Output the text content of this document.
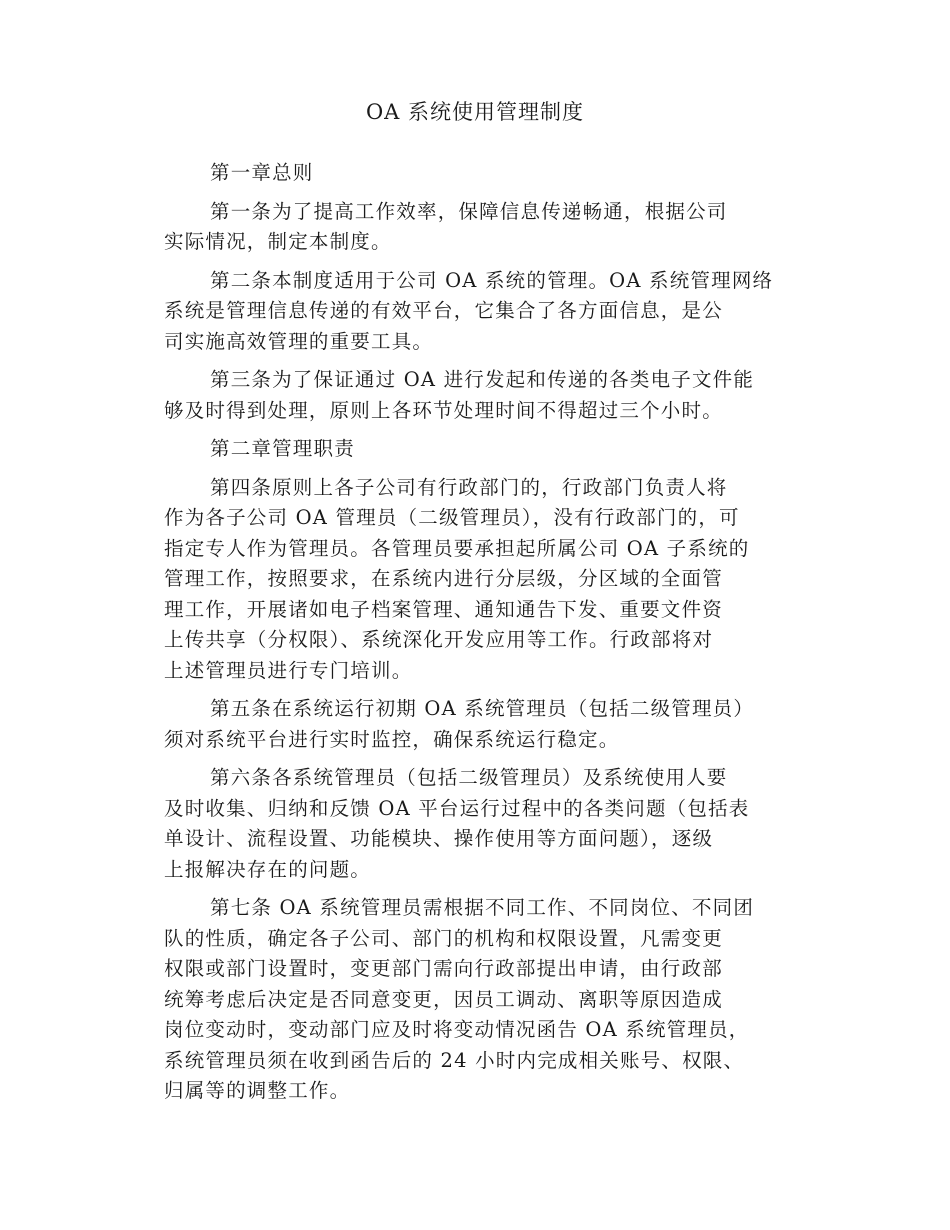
OA 系统使用管理制度

第一章总则

第一条为了提高工作效率，保障信息传递畅通，根据公司
实际情况，制定本制度。

第二条本制度适用于公司 OA 系统的管理。OA 系统管理网络
系统是管理信息传递的有效平台，它集合了各方面信息，是公
司实施高效管理的重要工具。

第三条为了保证通过 OA 进行发起和传递的各类电子文件能
够及时得到处理，原则上各环节处理时间不得超过三个小时。

第二章管理职责

第四条原则上各子公司有行政部门的，行政部门负责人将
作为各子公司 OA 管理员（二级管理员），没有行政部门的，可
指定专人作为管理员。各管理员要承担起所属公司 OA 子系统的
管理工作，按照要求，在系统内进行分层级，分区域的全面管
理工作，开展诸如电子档案管理、通知通告下发、重要文件资
上传共享（分权限）、系统深化开发应用等工作。行政部将对
上述管理员进行专门培训。

第五条在系统运行初期 OA 系统管理员（包括二级管理员）
须对系统平台进行实时监控，确保系统运行稳定。

第六条各系统管理员（包括二级管理员）及系统使用人要
及时收集、归纳和反馈 OA 平台运行过程中的各类问题（包括表
单设计、流程设置、功能模块、操作使用等方面问题），逐级
上报解决存在的问题。

第七条 OA 系统管理员需根据不同工作、不同岗位、不同团
队的性质，确定各子公司、部门的机构和权限设置，凡需变更
权限或部门设置时，变更部门需向行政部提出申请，由行政部
统筹考虑后决定是否同意变更，因员工调动、离职等原因造成
岗位变动时，变动部门应及时将变动情况函告 OA 系统管理员，
系统管理员须在收到函告后的 24 小时内完成相关账号、权限、
归属等的调整工作。
